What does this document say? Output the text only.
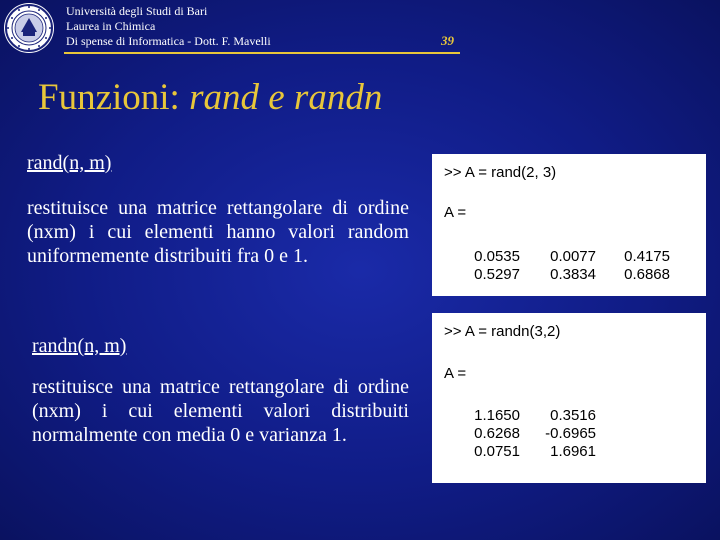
Università degli Studi di Bari
Laurea in Chimica
Di spense di Informatica - Dott. F. Mavelli	39
Funzioni: rand e randn
rand(n, m)
restituisce una matrice rettangolare di ordine (nxm) i cui elementi hanno valori random uniformemente distribuiti fra 0 e 1.
randn(n, m)
restituisce una matrice rettangolare di ordine (nxm) i cui elementi valori distribuiti normalmente con media 0 e varianza 1.
>> A = rand(2, 3)
A =
0.0535	0.0077	0.4175
0.5297	0.3834	0.6868
>> A = randn(3,2)
A =
1.1650	0.3516
0.6268	-0.6965
0.0751	1.6961
